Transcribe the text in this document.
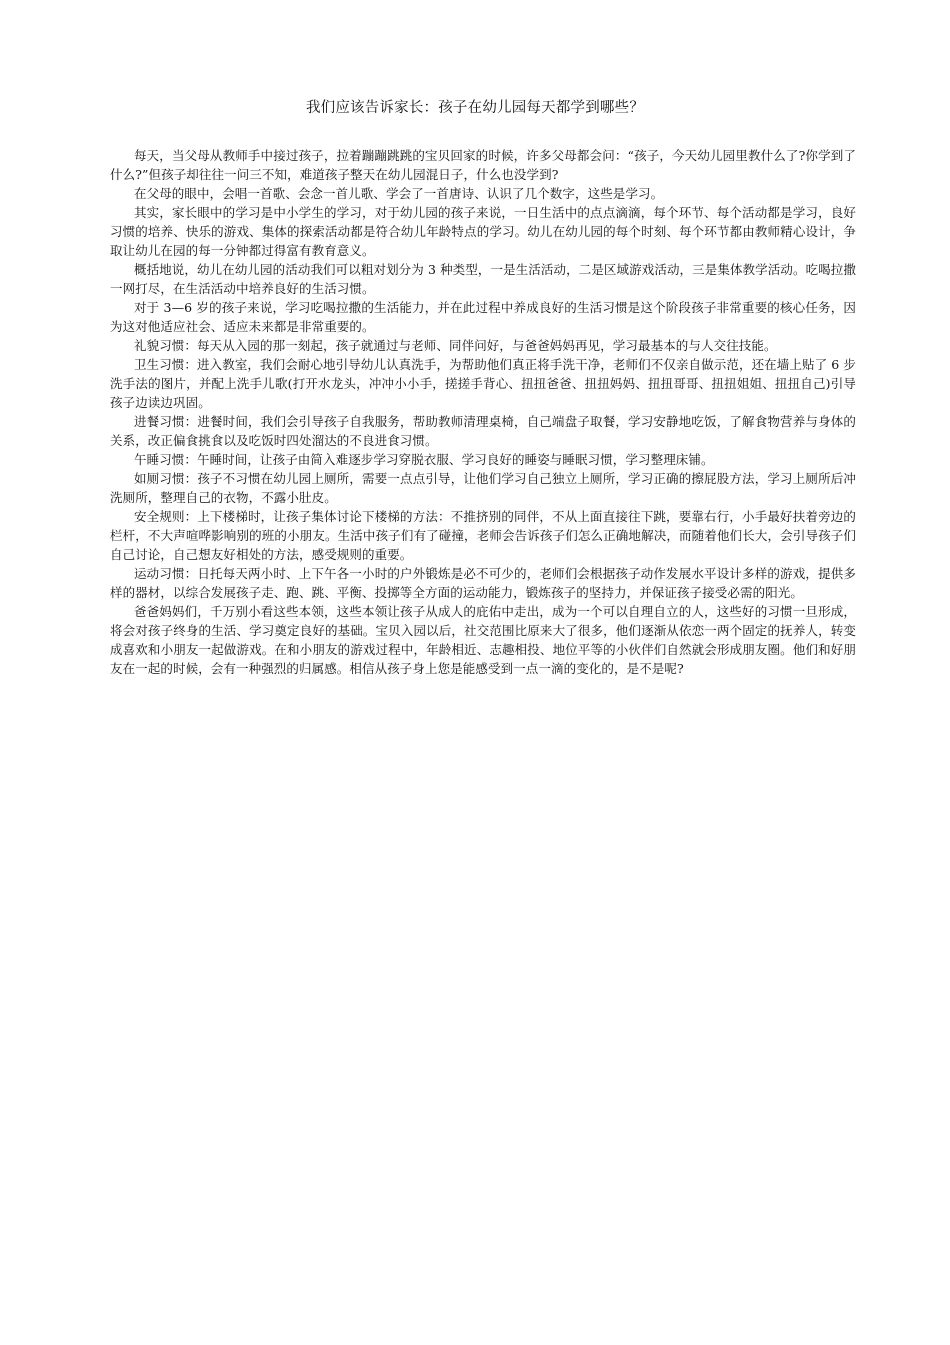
我们应该告诉家长：孩子在幼儿园每天都学到哪些？

每天，当父母从教师手中接过孩子，拉着蹦蹦跳跳的宝贝回家的时候，许多父母都会问：“孩子，今天幼儿园里教什么了?你学到了什么?”但孩子却往往一问三不知，难道孩子整天在幼儿园混日子，什么也没学到?

在父母的眼中，会唱一首歌、会念一首儿歌、学会了一首唐诗、认识了几个数字，这些是学习。

其实，家长眼中的学习是中小学生的学习，对于幼儿园的孩子来说，一日生活中的点点滴滴，每个环节、每个活动都是学习，良好习惯的培养、快乐的游戏、集体的探索活动都是符合幼儿年龄特点的学习。幼儿在幼儿园的每个时刻、每个环节都由教师精心设计，争取让幼儿在园的每一分钟都过得富有教育意义。

概括地说，幼儿在幼儿园的活动我们可以粗对划分为 3 种类型，一是生活活动，二是区域游戏活动，三是集体教学活动。吃喝拉撒一网打尽，在生活活动中培养良好的生活习惯。

对于 3—6 岁的孩子来说，学习吃喝拉撒的生活能力，并在此过程中养成良好的生活习惯是这个阶段孩子非常重要的核心任务，因为这对他适应社会、适应未来都是非常重要的。

礼貌习惯：每天从入园的那一刻起，孩子就通过与老师、同伴问好，与爸爸妈妈再见，学习最基本的与人交往技能。

卫生习惯：进入教室，我们会耐心地引导幼儿认真洗手，为帮助他们真正将手洗干净，老师们不仅亲自做示范，还在墙上贴了 6 步洗手法的图片，并配上洗手儿歌(打开水龙头，冲冲小小手，搓搓手背心、扭扭爸爸、扭扭妈妈、扭扭哥哥、扭扭姐姐、扭扭自己)引导孩子边读边巩固。

进餐习惯：进餐时间，我们会引导孩子自我服务，帮助教师清理桌椅，自己端盘子取餐，学习安静地吃饭，了解食物营养与身体的关系，改正偏食挑食以及吃饭时四处溜达的不良进食习惯。

午睡习惯：午睡时间，让孩子由简入难逐步学习穿脱衣服、学习良好的睡姿与睡眠习惯，学习整理床铺。

如厕习惯：孩子不习惯在幼儿园上厕所，需要一点点引导，让他们学习自己独立上厕所，学习正确的擦屁股方法，学习上厕所后冲洗厕所，整理自己的衣物，不露小肚皮。

安全规则：上下楼梯时，让孩子集体讨论下楼梯的方法：不推挤别的同伴，不从上面直接往下跳，要靠右行，小手最好扶着旁边的栏杆，不大声喧哗影响别的班的小朋友。生活中孩子们有了碰撞，老师会告诉孩子们怎么正确地解决，而随着他们长大，会引导孩子们自己讨论，自己想友好相处的方法，感受规则的重要。

运动习惯：日托每天两小时、上下午各一小时的户外锻炼是必不可少的，老师们会根据孩子动作发展水平设计多样的游戏，提供多样的器材，以综合发展孩子走、跑、跳、平衡、投掷等全方面的运动能力，锻炼孩子的坚持力，并保证孩子接受必需的阳光。

爸爸妈妈们，千万别小看这些本领，这些本领让孩子从成人的庇佑中走出，成为一个可以自理自立的人，这些好的习惯一旦形成，将会对孩子终身的生活、学习奠定良好的基础。宝贝入园以后，社交范围比原来大了很多，他们逐渐从依恋一两个固定的抚养人，转变成喜欢和小朋友一起做游戏。在和小朋友的游戏过程中，年龄相近、志趣相投、地位平等的小伙伴们自然就会形成朋友圈。他们和好朋友在一起的时候，会有一种强烈的归属感。相信从孩子身上您是能感受到一点一滴的变化的，是不是呢?
